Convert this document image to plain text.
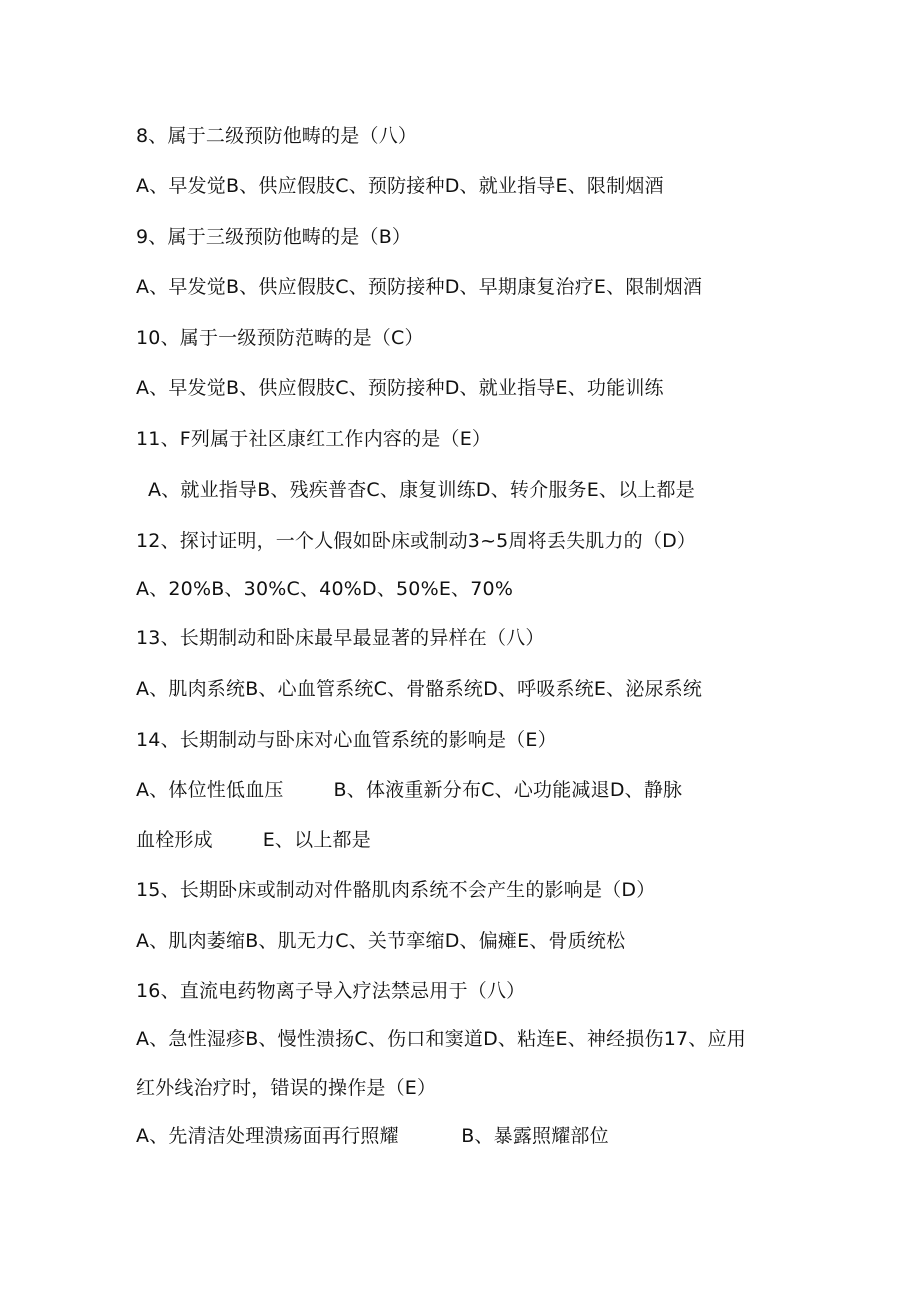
8、属于二级预防他畴的是（八）
A、早发觉B、供应假肢C、预防接种D、就业指导E、限制烟酒
9、属于三级预防他畴的是（B）
A、早发觉B、供应假肢C、预防接种D、早期康复治疗E、限制烟酒
10、属于一级预防范畴的是（C）
A、早发觉B、供应假肢C、预防接种D、就业指导E、功能训练
11、F列属于社区康红工作内容的是（E）
A、就业指导B、残疾普杳C、康复训练D、转介服务E、以上都是
12、探讨证明，一个人假如卧床或制动3~5周将丢失肌力的（D）
A、20%B、30%C、40%D、50%E、70%
13、长期制动和卧床最早最显著的异样在（八）
A、肌肉系统B、心血管系统C、骨骼系统D、呼吸系统E、泌尿系统
14、长期制动与卧床对心血管系统的影响是（E）
A、体位性低血压        B、体液重新分布C、心功能减退D、静脉
血栓形成        E、以上都是
15、长期卧床或制动对件骼肌肉系统不会产生的影响是（D）
A、肌肉萎缩B、肌无力C、关节挛缩D、偏瘫E、骨质统松
16、直流电药物离子导入疗法禁忌用于（八）
A、急性湿疹B、慢性溃扬C、伤口和窦道D、粘连E、神经损伤17、应用
红外线治疗时，错误的操作是（E）
A、先清洁处理溃疡面再行照耀          B、暴露照耀部位
